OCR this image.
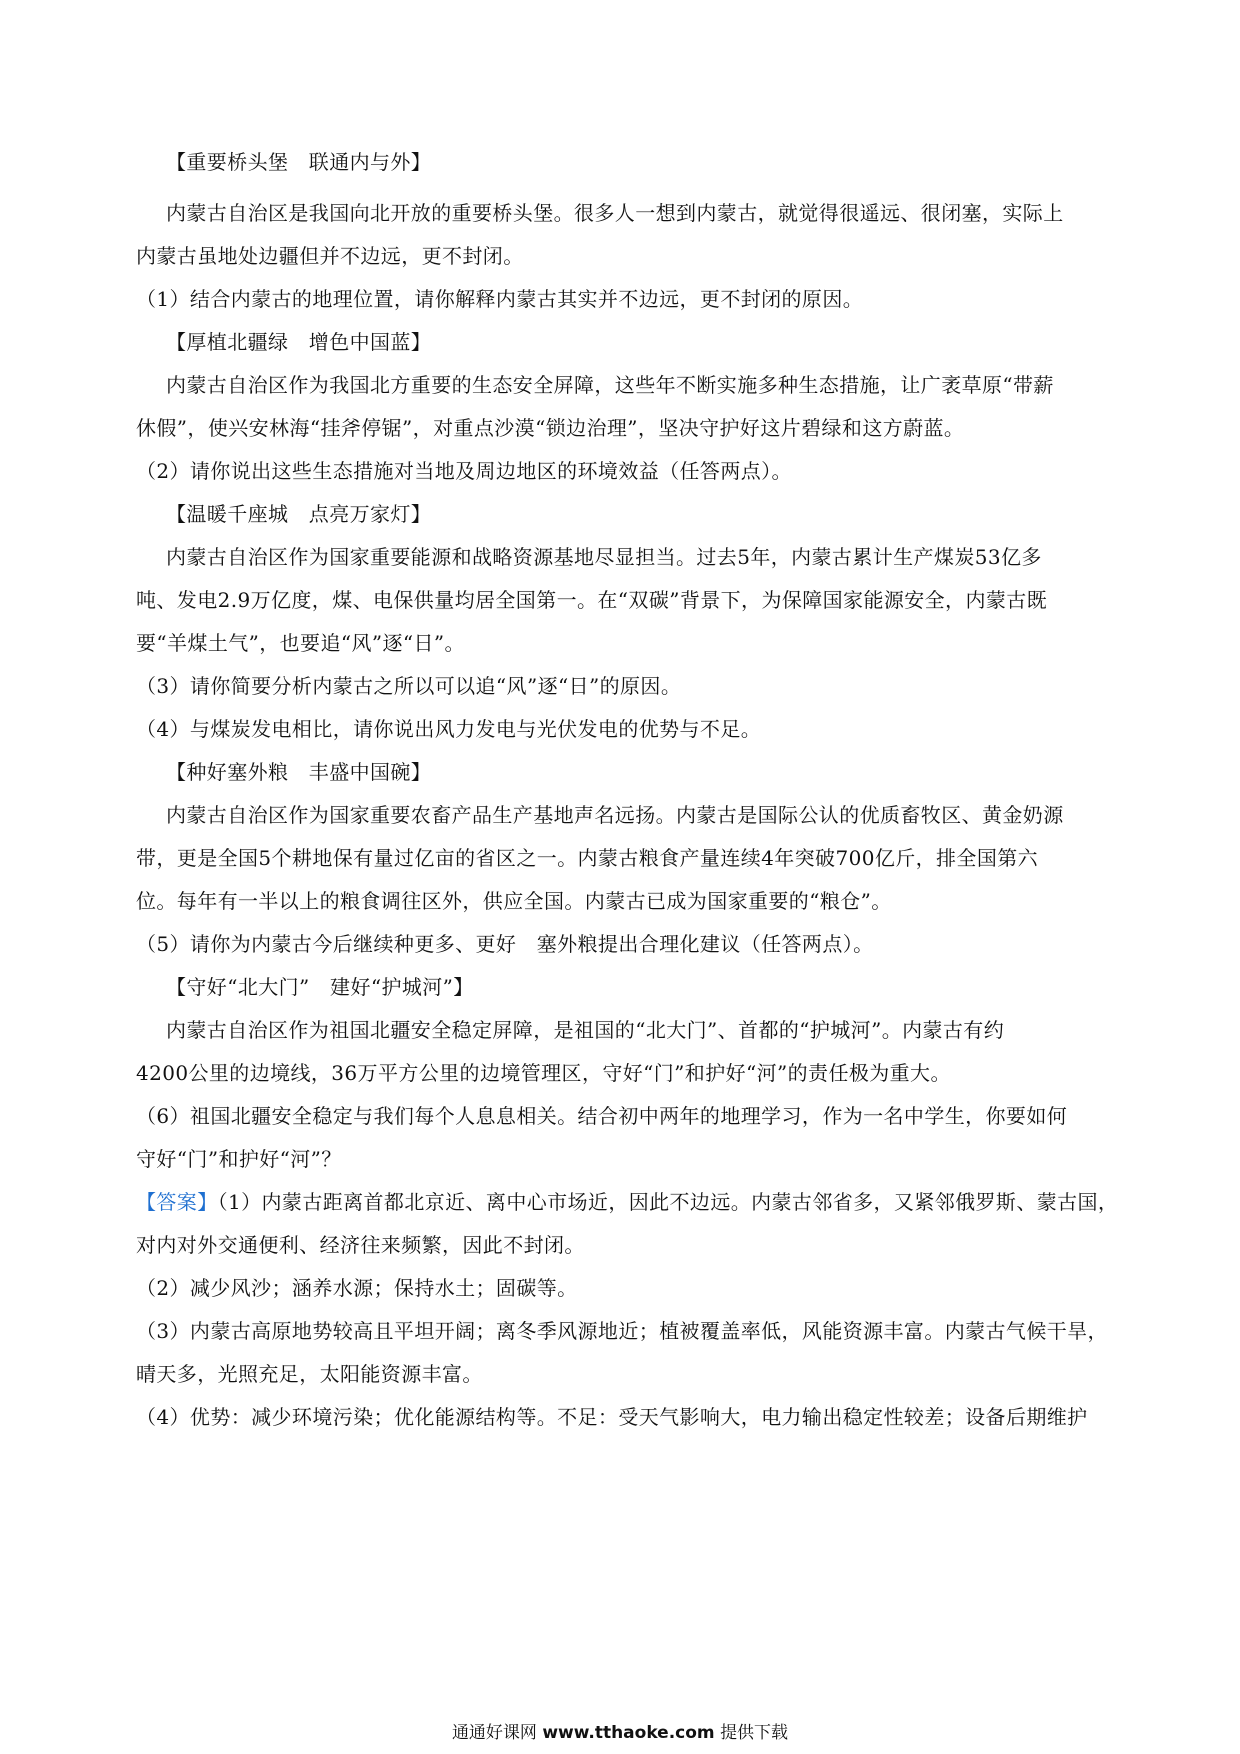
【重要桥头堡　联通内与外】
内蒙古自治区是我国向北开放的重要桥头堡。很多人一想到内蒙古，就觉得很遥远、很闭塞，实际上
内蒙古虽地处边疆但并不边远，更不封闭。
（1）结合内蒙古的地理位置，请你解释内蒙古其实并不边远，更不封闭的原因。
【厚植北疆绿　增色中国蓝】
内蒙古自治区作为我国北方重要的生态安全屏障，这些年不断实施多种生态措施，让广袤草原“带薪
休假”，使兴安林海“挂斧停锯”，对重点沙漠“锁边治理”，坚决守护好这片碧绿和这方蔚蓝。
（2）请你说出这些生态措施对当地及周边地区的环境效益（任答两点）。
【温暖千座城　点亮万家灯】
内蒙古自治区作为国家重要能源和战略资源基地尽显担当。过去5年，内蒙古累计生产煤炭53亿多
吨、发电2.9万亿度，煤、电保供量均居全国第一。在“双碳”背景下，为保障国家能源安全，内蒙古既
要“羊煤土气”，也要追“风”逐“日”。
（3）请你简要分析内蒙古之所以可以追“风”逐“日”的原因。
（4）与煤炭发电相比，请你说出风力发电与光伏发电的优势与不足。
【种好塞外粮　丰盛中国碗】
内蒙古自治区作为国家重要农畜产品生产基地声名远扬。内蒙古是国际公认的优质畜牧区、黄金奶源
带，更是全国5个耕地保有量过亿亩的省区之一。内蒙古粮食产量连续4年突破700亿斤，排全国第六
位。每年有一半以上的粮食调往区外，供应全国。内蒙古已成为国家重要的“粮仓”。
（5）请你为内蒙古今后继续种更多、更好　塞外粮提出合理化建议（任答两点）。
【守好“北大门”　建好“护城河”】
内蒙古自治区作为祖国北疆安全稳定屏障，是祖国的“北大门”、首都的“护城河”。内蒙古有约
4200公里的边境线，36万平方公里的边境管理区，守好“门”和护好“河”的责任极为重大。
（6）祖国北疆安全稳定与我们每个人息息相关。结合初中两年的地理学习，作为一名中学生，你要如何
守好“门”和护好“河”？
【答案】（1）内蒙古距离首都北京近、离中心市场近，因此不边远。内蒙古邻省多，又紧邻俄罗斯、蒙古国，
对内对外交通便利、经济往来频繁，因此不封闭。
（2）减少风沙；涵养水源；保持水土；固碳等。
（3）内蒙古高原地势较高且平坦开阔；离冬季风源地近；植被覆盖率低，风能资源丰富。内蒙古气候干旱，
晴天多，光照充足，太阳能资源丰富。
（4）优势：减少环境污染；优化能源结构等。不足：受天气影响大，电力输出稳定性较差；设备后期维护
通通好课网 www.tthaoke.com 提供下载
